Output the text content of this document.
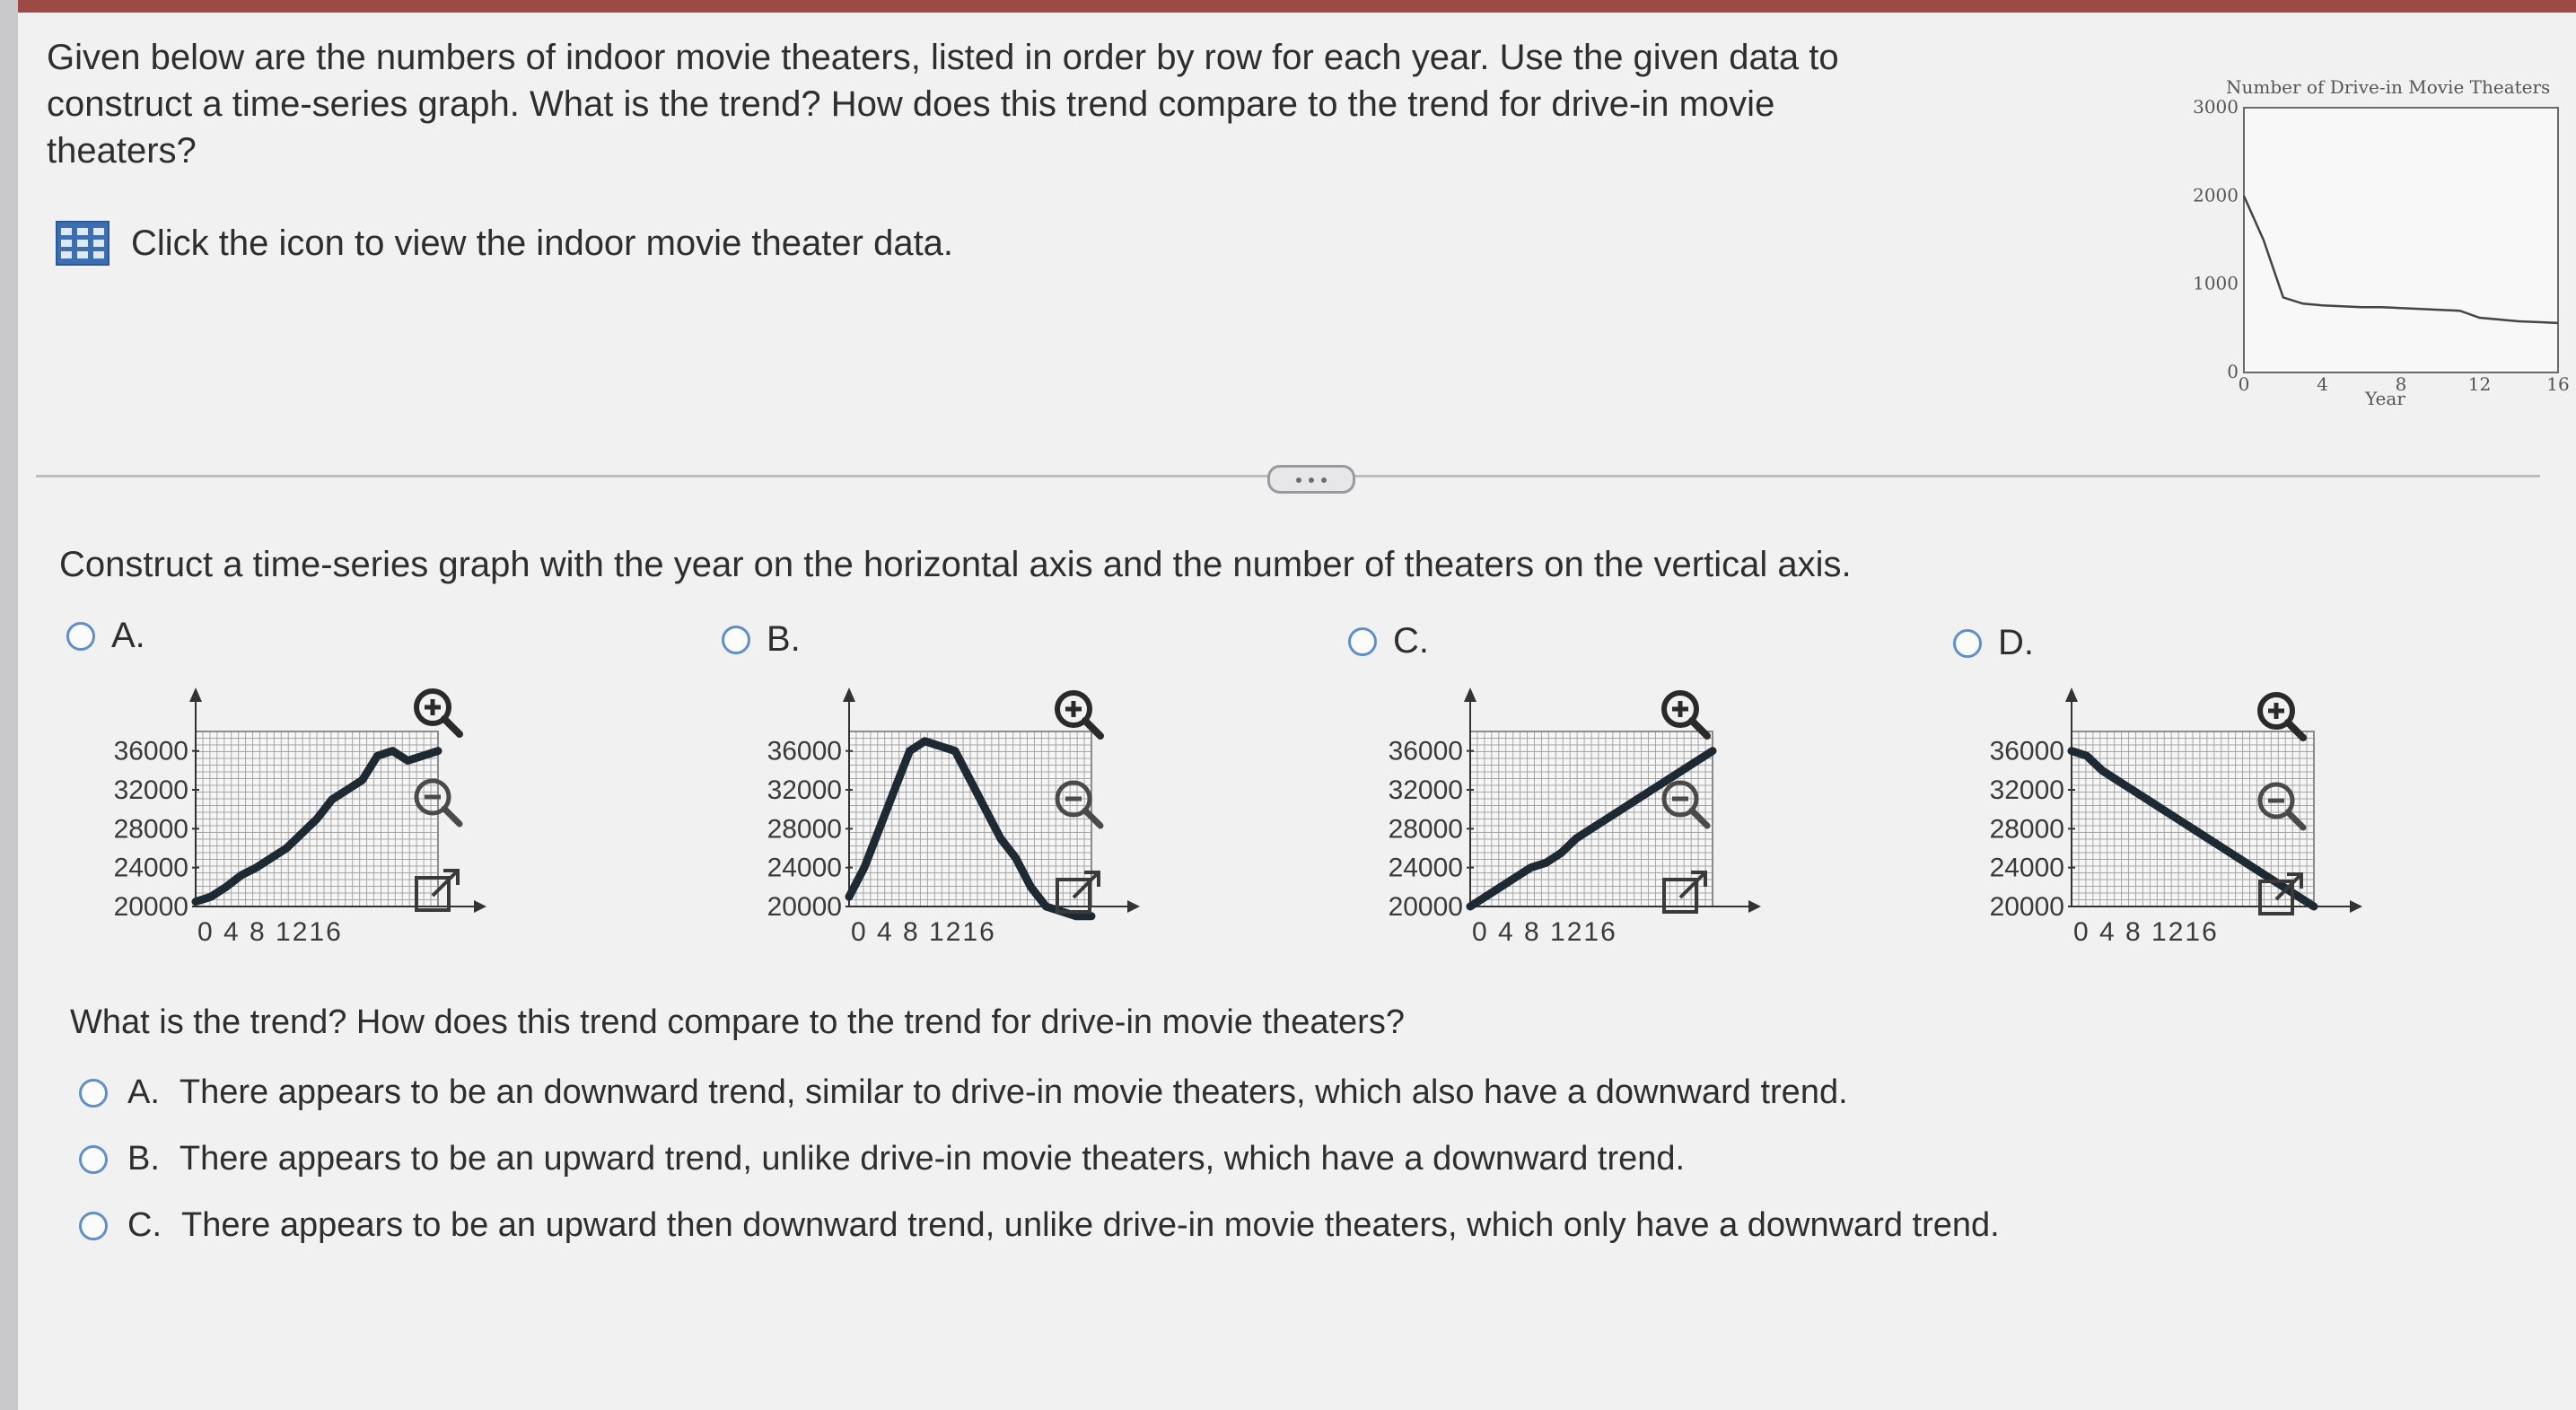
Given below are the numbers of indoor movie theaters, listed in order by row for each year. Use the given data to construct a time-series graph. What is the trend? How does this trend compare to the trend for drive-in movie theaters?
Click the icon to view the indoor movie theater data.
Number of Drive-in Movie Theaters
0
1000
2000
3000
0	4	8	12	16
Year
Construct a time-series graph with the year on the horizontal axis and the number of theaters on the vertical axis.
A.	B.	C.	D.
36000
32000
28000
24000
20000
0 4 8 1216
36000
32000
28000
24000
20000
0 4 8 1216
36000
32000
28000
24000
20000
0 4 8 1216
36000
32000
28000
24000
20000
0 4 8 1216
What is the trend? How does this trend compare to the trend for drive-in movie theaters?
A. There appears to be an downward trend, similar to drive-in movie theaters, which also have a downward trend.
B. There appears to be an upward trend, unlike drive-in movie theaters, which have a downward trend.
C. There appears to be an upward then downward trend, unlike drive-in movie theaters, which only have a downward trend.
